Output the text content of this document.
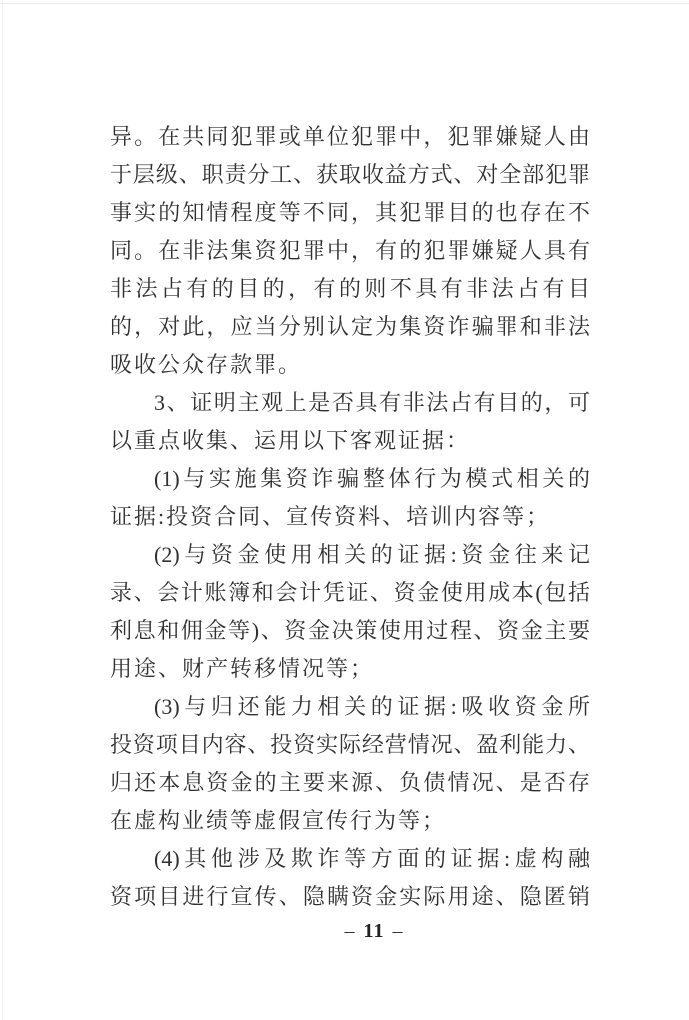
异。在共同犯罪或单位犯罪中，犯罪嫌疑人由
于层级、职责分工、获取收益方式、对全部犯罪
事实的知情程度等不同，其犯罪目的也存在不
同。在非法集资犯罪中，有的犯罪嫌疑人具有
非法占有的目的，有的则不具有非法占有目
的，对此，应当分别认定为集资诈骗罪和非法
吸收公众存款罪。
3、证明主观上是否具有非法占有目的，可
以重点收集、运用以下客观证据：
(1)与实施集资诈骗整体行为模式相关的
证据:投资合同、宣传资料、培训内容等；
(2)与资金使用相关的证据:资金往来记
录、会计账簿和会计凭证、资金使用成本(包括
利息和佣金等)、资金决策使用过程、资金主要
用途、财产转移情况等；
(3)与归还能力相关的证据:吸收资金所
投资项目内容、投资实际经营情况、盈利能力、
归还本息资金的主要来源、负债情况、是否存
在虚构业绩等虚假宣传行为等；
(4)其他涉及欺诈等方面的证据:虚构融
资项目进行宣传、隐瞒资金实际用途、隐匿销
– 11 –
